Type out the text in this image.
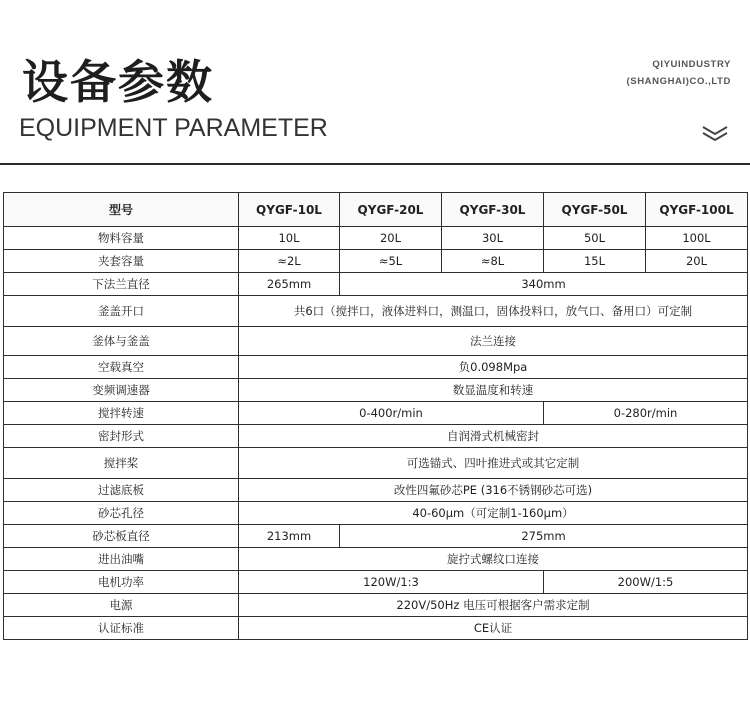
设备参数
EQUIPMENT PARAMETER
QIYUINDUSTRY
(SHANGHAI)CO.,LTD
型号	QYGF-10L	QYGF-20L	QYGF-30L	QYGF-50L	QYGF-100L
物料容量	10L	20L	30L	50L	100L
夹套容量	≈2L	≈5L	≈8L	15L	20L
下法兰直径	265mm	340mm			
釜盖开口	共6口（搅拌口，液体进料口，测温口，固体投料口，放气口、备用口）可定制				
釜体与釜盖	法兰连接				
空载真空	负0.098Mpa				
变频调速器	数显温度和转速				
搅拌转速	0-400r/min			0-280r/min	
密封形式	自润滑式机械密封				
搅拌桨	可选锚式、四叶推进式或其它定制				
过滤底板	改性四氟砂芯PE (316不锈钢砂芯可选)				
砂芯孔径	40-60μm（可定制1-160μm）				
砂芯板直径	213mm	275mm			
进出油嘴	旋拧式螺纹口连接				
电机功率	120W/1:3			200W/1:5	
电源	220V/50Hz 电压可根据客户需求定制				
认证标准	CE认证				
